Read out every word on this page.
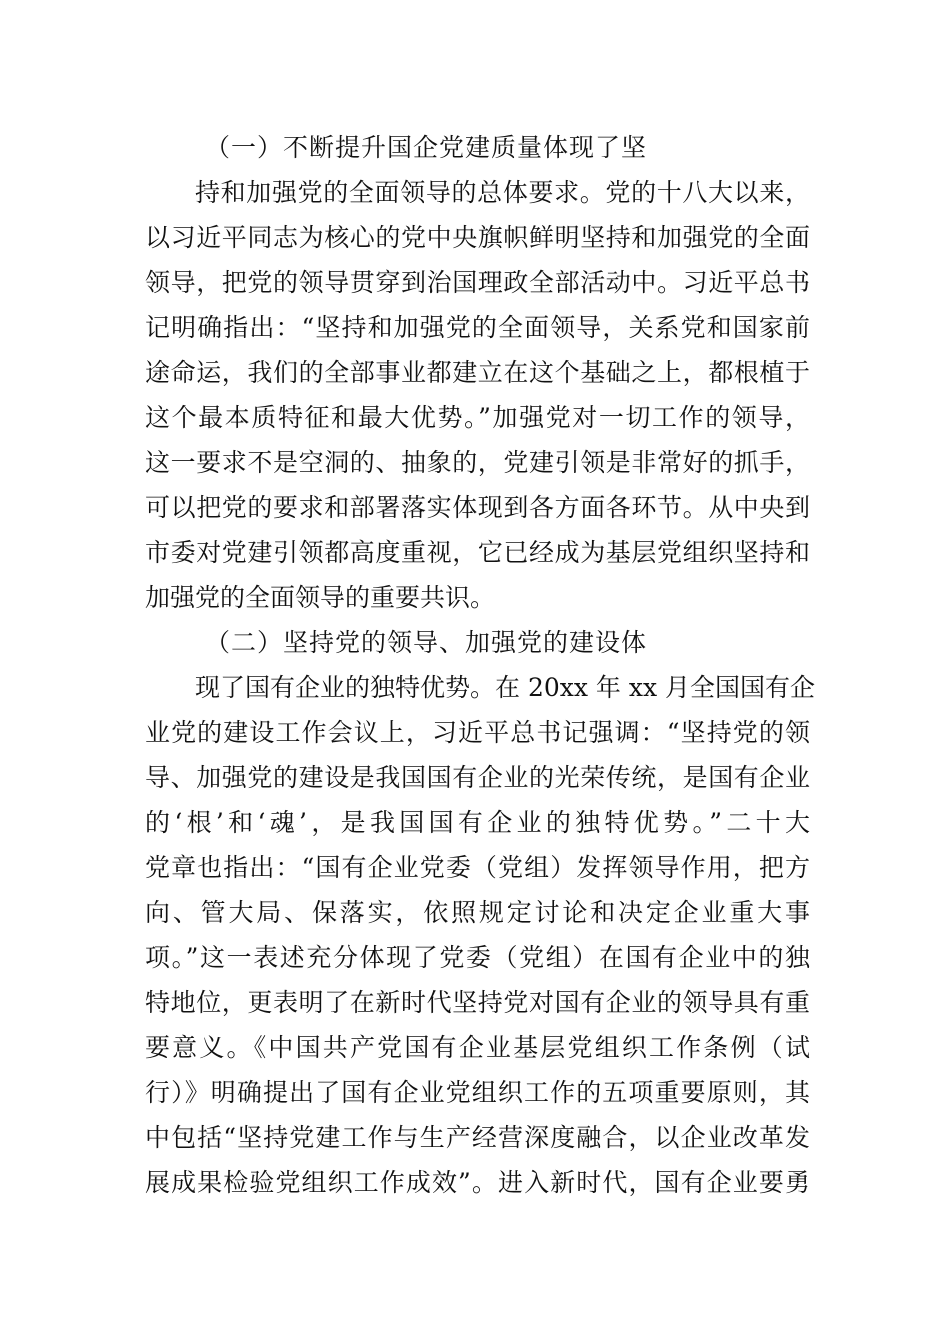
（一）不断提升国企党建质量体现了坚
持和加强党的全面领导的总体要求。党的十八大以来，
以习近平同志为核心的党中央旗帜鲜明坚持和加强党的全面
领导，把党的领导贯穿到治国理政全部活动中。习近平总书
记明确指出：“坚持和加强党的全面领导，关系党和国家前
途命运，我们的全部事业都建立在这个基础之上，都根植于
这个最本质特征和最大优势。”加强党对一切工作的领导，
这一要求不是空洞的、抽象的，党建引领是非常好的抓手，
可以把党的要求和部署落实体现到各方面各环节。从中央到
市委对党建引领都高度重视，它已经成为基层党组织坚持和
加强党的全面领导的重要共识。
（二）坚持党的领导、加强党的建设体
现了国有企业的独特优势。在 20xx 年 xx 月全国国有企
业党的建设工作会议上，习近平总书记强调：“坚持党的领
导、加强党的建设是我国国有企业的光荣传统，是国有企业
的‘根’和‘魂’，是我国国有企业的独特优势。”二十大
党章也指出：“国有企业党委（党组）发挥领导作用，把方
向、管大局、保落实，依照规定讨论和决定企业重大事
项。”这一表述充分体现了党委（党组）在国有企业中的独
特地位，更表明了在新时代坚持党对国有企业的领导具有重
要意义。《中国共产党国有企业基层党组织工作条例（试
行）》明确提出了国有企业党组织工作的五项重要原则，其
中包括“坚持党建工作与生产经营深度融合，以企业改革发
展成果检验党组织工作成效”。进入新时代，国有企业要勇
